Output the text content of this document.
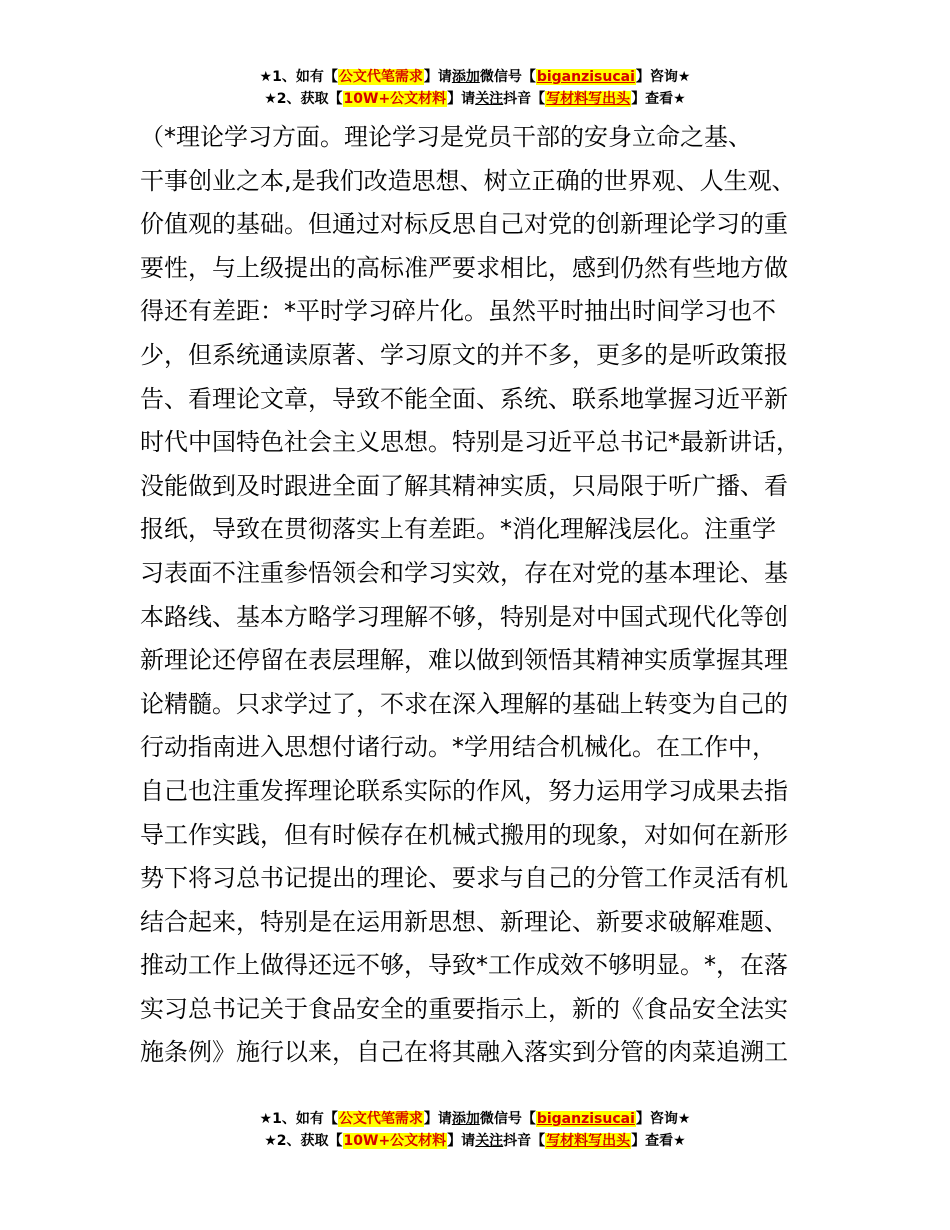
★1、如有【公文代笔需求】请添加微信号【biganzisucai】咨询★
★2、获取【10W+公文材料】请关注抖音【写材料写出头】查看★
（*理论学习方面。理论学习是党员干部的安身立命之基、
干事创业之本,是我们改造思想、树立正确的世界观、人生观、
价值观的基础。但通过对标反思自己对党的创新理论学习的重
要性，与上级提出的高标准严要求相比，感到仍然有些地方做
得还有差距：*平时学习碎片化。虽然平时抽出时间学习也不
少，但系统通读原著、学习原文的并不多，更多的是听政策报
告、看理论文章，导致不能全面、系统、联系地掌握习近平新
时代中国特色社会主义思想。特别是习近平总书记*最新讲话，
没能做到及时跟进全面了解其精神实质，只局限于听广播、看
报纸，导致在贯彻落实上有差距。*消化理解浅层化。注重学
习表面不注重参悟领会和学习实效，存在对党的基本理论、基
本路线、基本方略学习理解不够，特别是对中国式现代化等创
新理论还停留在表层理解，难以做到领悟其精神实质掌握其理
论精髓。只求学过了，不求在深入理解的基础上转变为自己的
行动指南进入思想付诸行动。*学用结合机械化。在工作中，
自己也注重发挥理论联系实际的作风，努力运用学习成果去指
导工作实践，但有时候存在机械式搬用的现象，对如何在新形
势下将习总书记提出的理论、要求与自己的分管工作灵活有机
结合起来，特别是在运用新思想、新理论、新要求破解难题、
推动工作上做得还远不够，导致*工作成效不够明显。*，在落
实习总书记关于食品安全的重要指示上，新的《食品安全法实
施条例》施行以来，自己在将其融入落实到分管的肉菜追溯工
★1、如有【公文代笔需求】请添加微信号【biganzisucai】咨询★
★2、获取【10W+公文材料】请关注抖音【写材料写出头】查看★
